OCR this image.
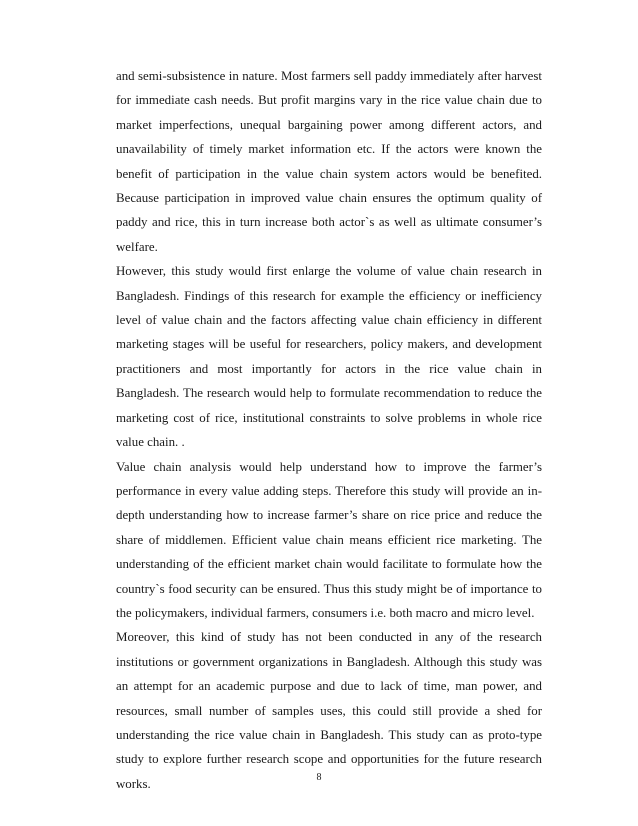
and semi-subsistence in nature. Most farmers sell paddy immediately after harvest for immediate cash needs. But profit margins vary in the rice value chain due to market imperfections, unequal bargaining power among different actors, and unavailability of timely market information etc. If the actors were known the benefit of participation in the value chain system actors would be benefited. Because participation in improved value chain ensures the optimum quality of paddy and rice, this in turn increase both actor`s as well as ultimate consumer’s welfare.

However, this study would first enlarge the volume of value chain research in Bangladesh. Findings of this research for example the efficiency or inefficiency level of value chain and the factors affecting value chain efficiency in different marketing stages will be useful for researchers, policy makers, and development practitioners and most importantly for actors in the rice value chain in Bangladesh. The research would help to formulate recommendation to reduce the marketing cost of rice, institutional constraints to solve problems in whole rice value chain. .

Value chain analysis would help understand how to improve the farmer’s performance in every value adding steps. Therefore this study will provide an in-depth understanding how to increase farmer’s share on rice price and reduce the share of middlemen. Efficient value chain means efficient rice marketing. The understanding of the efficient market chain would facilitate to formulate how the country`s food security can be ensured. Thus this study might be of importance to the policymakers, individual farmers, consumers i.e. both macro and micro level.

Moreover, this kind of study has not been conducted in any of the research institutions or government organizations in Bangladesh. Although this study was an attempt for an academic purpose and due to lack of time, man power, and resources, small number of samples uses, this could still provide a shed for understanding the rice value chain in Bangladesh. This study can as proto-type study to explore further research scope and opportunities for the future research works.	8
